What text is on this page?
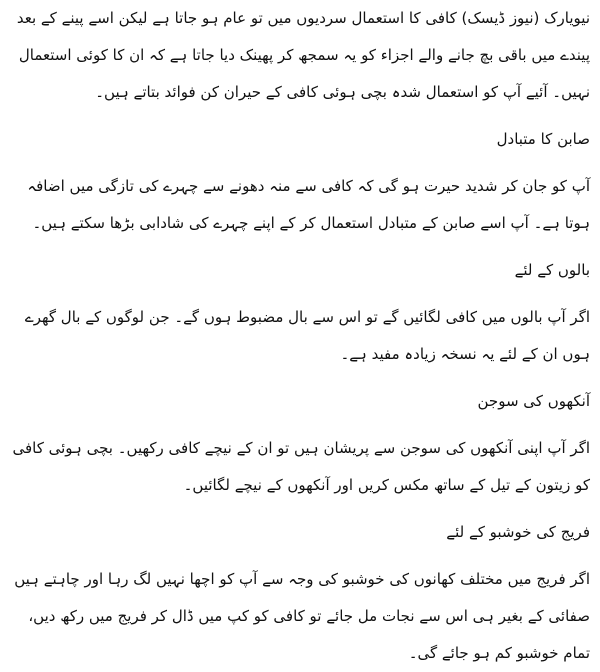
نیویارک (نیوز ڈیسک) کافی کا استعمال سردیوں میں تو عام ہو جاتا ہے لیکن اسے پینے کے بعد پیندے میں باقی بچ جانے والے اجزاء کو یہ سمجھ کر پھینک دیا جاتا ہے کہ ان کا کوئی استعمال نہیں۔ آئیے آپ کو استعمال شدہ بچی ہوئی کافی کے حیران کن فوائد بتاتے ہیں۔

صابن کا متبادل

آپ کو جان کر شدید حیرت ہو گی کہ کافی سے منہ دھونے سے چہرے کی تازگی میں اضافہ ہوتا ہے۔ آپ اسے صابن کے متبادل استعمال کر کے اپنے چہرے کی شادابی بڑھا سکتے ہیں۔

بالوں کے لئے

اگر آپ بالوں میں کافی لگائیں گے تو اس سے بال مضبوط ہوں گے۔ جن لوگوں کے بال گھرے ہوں ان کے لئے یہ نسخہ زیادہ مفید ہے۔

آنکھوں کی سوجن

اگر آپ اپنی آنکھوں کی سوجن سے پریشان ہیں تو ان کے نیچے کافی رکھیں۔ بچی ہوئی کافی کو زیتون کے تیل کے ساتھ مکس کریں اور آنکھوں کے نیچے لگائیں۔

فریج کی خوشبو کے لئے

اگر فریج میں مختلف کھانوں کی خوشبو کی وجہ سے آپ کو اچھا نہیں لگ رہا اور چاہتے ہیں صفائی کے بغیر ہی اس سے نجات مل جائے تو کافی کو کپ میں ڈال کر فریج میں رکھ دیں، تمام خوشبو کم ہو جائے گی۔
